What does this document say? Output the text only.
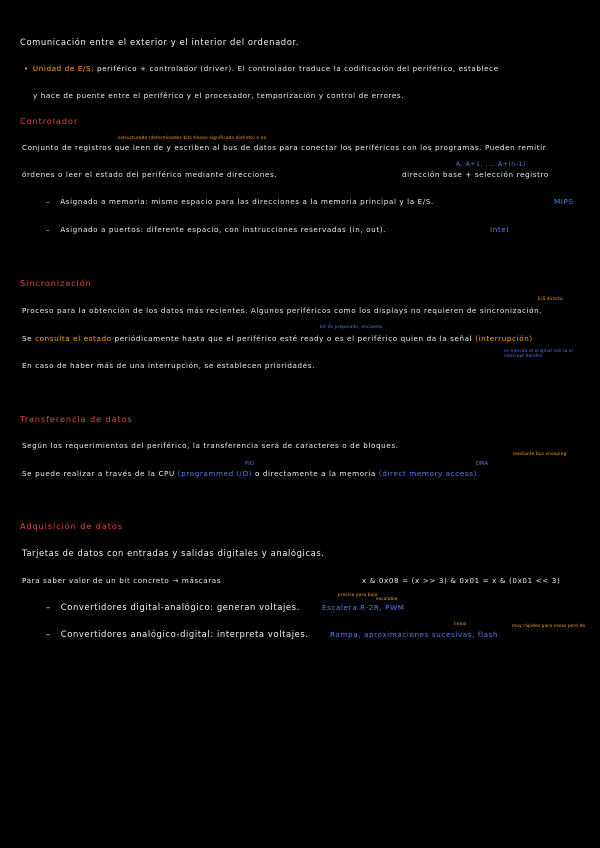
Comunicación entre el exterior y el interior del ordenador.
• Unidad de E/S: periférico + controlador (driver). El controlador traduce la codificación del periférico, establece
y hace de puente entre el periférico y el procesador, temporización y control de errores.
Controlador
estructurado (determinados bits tienen significado distinto) o no
Conjunto de registros que leen de y escriben al bus de datos para conectar los periféricos con los programas. Pueden remitir
A, A+1, ..., A+(n-1)
órdenes o leer el estado del periférico mediante direcciones.	dirección base + selección registro
– Asignado a memoria: mismo espacio para las direcciones a la memoria principal y la E/S.	MIPS
– Asignado a puertos: diferente espacio, con instrucciones reservadas (in, out).	Intel
Sincronización
E/S directa
Proceso para la obtención de los datos más recientes. Algunos periféricos como los displays no requieren de sincronización.
bit de preparado, encuesta
Se consulta el estado periódicamente hasta que el periférico esté ready o es el periférico quien da la señal (interrupción)
se ejecuta el original con la el interrupt handler
En caso de haber más de una interrupción, se establecen prioridades.
Transferencia de datos
Según los requerimientos del periférico, la transferencia será de caracteres o de bloques.
mediante bus snooping
PIO	DMA
Se puede realizar a través de la CPU (programmed I/O) o directamente a la memoria (direct memory access).
Adquisición de datos
Tarjetas de datos con entradas y salidas digitales y analógicas.
Para saber valor de un bit concreto → máscaras	x & 0x08 = (x >> 3) & 0x01 = x & (0x01 << 3)
escalable
precisa para bajo
– Convertidores digital-analógico: generan voltajes.	Escalera R-2R, PWM
lineal	muy rápidos para cosas pero de
– Convertidores analógico-digital: interpreta voltajes.	Rampa, aproximaciones sucesivas, flash
